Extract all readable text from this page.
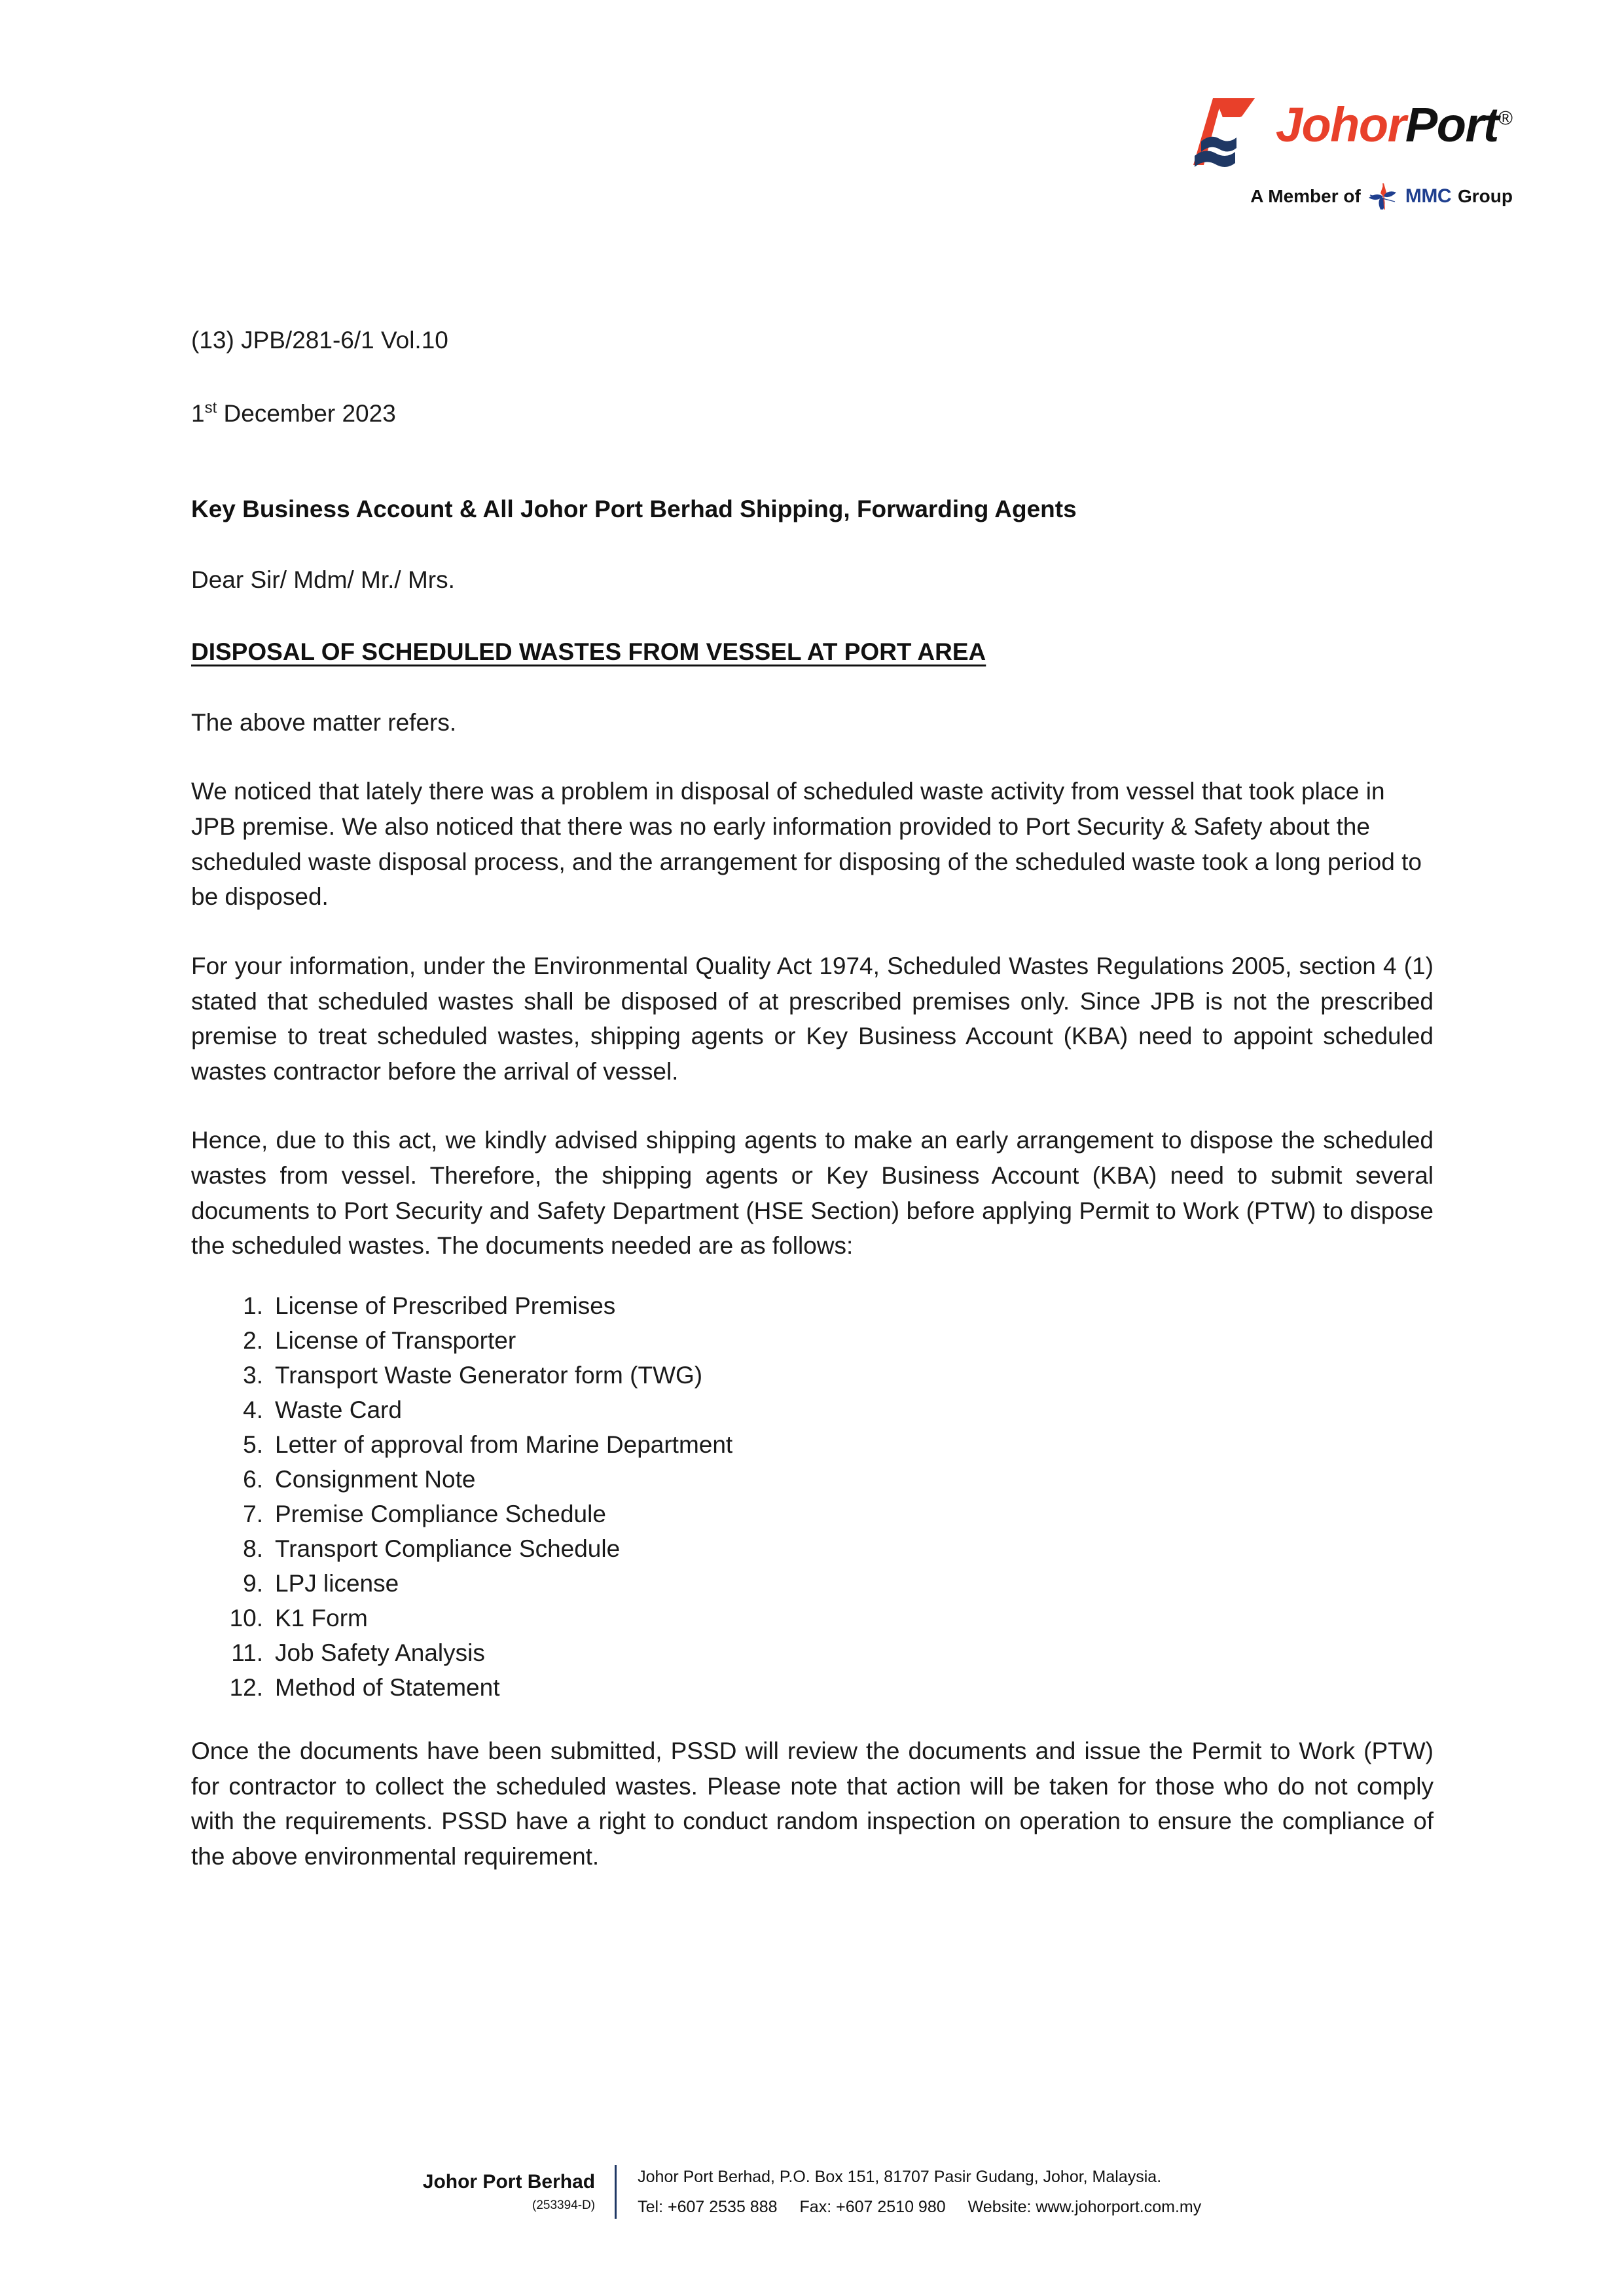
JohorPort®
A Member of MMC Group
(13) JPB/281-6/1 Vol.10
1st December 2023
Key Business Account & All Johor Port Berhad Shipping, Forwarding Agents
Dear Sir/ Mdm/ Mr./ Mrs.
DISPOSAL OF SCHEDULED WASTES FROM VESSEL AT PORT AREA
The above matter refers.
We noticed that lately there was a problem in disposal of scheduled waste activity from vessel that took place in JPB premise. We also noticed that there was no early information provided to Port Security & Safety about the scheduled waste disposal process, and the arrangement for disposing of the scheduled waste took a long period to be disposed.
For your information, under the Environmental Quality Act 1974, Scheduled Wastes Regulations 2005, section 4 (1) stated that scheduled wastes shall be disposed of at prescribed premises only. Since JPB is not the prescribed premise to treat scheduled wastes, shipping agents or Key Business Account (KBA) need to appoint scheduled wastes contractor before the arrival of vessel.
Hence, due to this act, we kindly advised shipping agents to make an early arrangement to dispose the scheduled wastes from vessel. Therefore, the shipping agents or Key Business Account (KBA) need to submit several documents to Port Security and Safety Department (HSE Section) before applying Permit to Work (PTW) to dispose the scheduled wastes. The documents needed are as follows:
1. License of Prescribed Premises
2. License of Transporter
3. Transport Waste Generator form (TWG)
4. Waste Card
5. Letter of approval from Marine Department
6. Consignment Note
7. Premise Compliance Schedule
8. Transport Compliance Schedule
9. LPJ license
10. K1 Form
11. Job Safety Analysis
12. Method of Statement
Once the documents have been submitted, PSSD will review the documents and issue the Permit to Work (PTW) for contractor to collect the scheduled wastes. Please note that action will be taken for those who do not comply with the requirements. PSSD have a right to conduct random inspection on operation to ensure the compliance of the above environmental requirement.
Johor Port Berhad
(253394-D)
Johor Port Berhad, P.O. Box 151, 81707 Pasir Gudang, Johor, Malaysia.
Tel: +607 2535 888 Fax: +607 2510 980 Website: www.johorport.com.my
